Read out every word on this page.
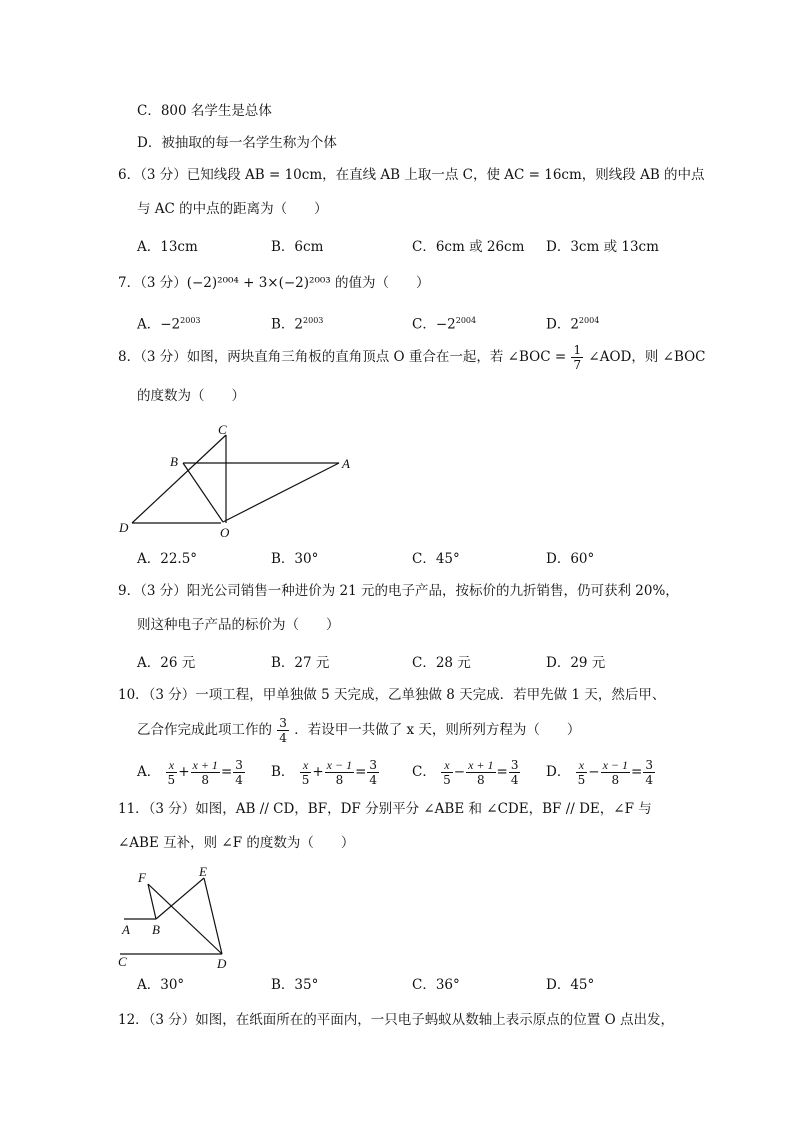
C．800 名学生是总体
D．被抽取的每一名学生称为个体
6．（3 分）已知线段 AB = 10cm，在直线 AB 上取一点 C，使 AC = 16cm，则线段 AB 的中点
与 AC 的中点的距离为（　　）
A．13cm	B．6cm	C．6cm 或 26cm D．3cm 或 13cm
7．（3 分）(−2)²⁰⁰⁴ + 3×(−2)²⁰⁰³ 的值为（　　）
A．$-2^{2003}$	B．$2^{2003}$	C．$-2^{2004}$	D．$2^{2004}$
8．（3 分）如图，两块直角三角板的直角顶点 O 重合在一起，若 ∠BOC = $\frac{1}{7}$ ∠AOD，则 ∠BOC
的度数为（　　）
C
B	A
D	O
A．22.5°	B．30°	C．45°	D．60°
9．（3 分）阳光公司销售一种进价为 21 元的电子产品，按标价的九折销售，仍可获利 20%，
则这种电子产品的标价为（　　）
A．26 元	B．27 元	C．28 元	D．29 元
10．（3 分）一项工程，甲单独做 5 天完成，乙单独做 8 天完成．若甲先做 1 天，然后甲、
乙合作完成此项工作的 $\frac{3}{4}$ ．若设甲一共做了 x 天，则所列方程为（　　）
A． $\frac{x}{5} + \frac{x + 1}{8} = \frac{3}{4}$ B． $\frac{x}{5} + \frac{x - 1}{8} = \frac{3}{4}$ C． $\frac{x}{5} - \frac{x + 1}{8} = \frac{3}{4}$ D． $\frac{x}{5} - \frac{x - 1}{8} = \frac{3}{4}$
11．（3 分）如图，AB // CD，BF，DF 分别平分 ∠ABE 和 ∠CDE，BF // DE，∠F 与
∠ABE 互补，则 ∠F 的度数为（　　）
F	E
A B
C	D
A．30°	B．35°	C．36°	D．45°
12．（3 分）如图，在纸面所在的平面内，一只电子蚂蚁从数轴上表示原点的位置 O 点出发，
